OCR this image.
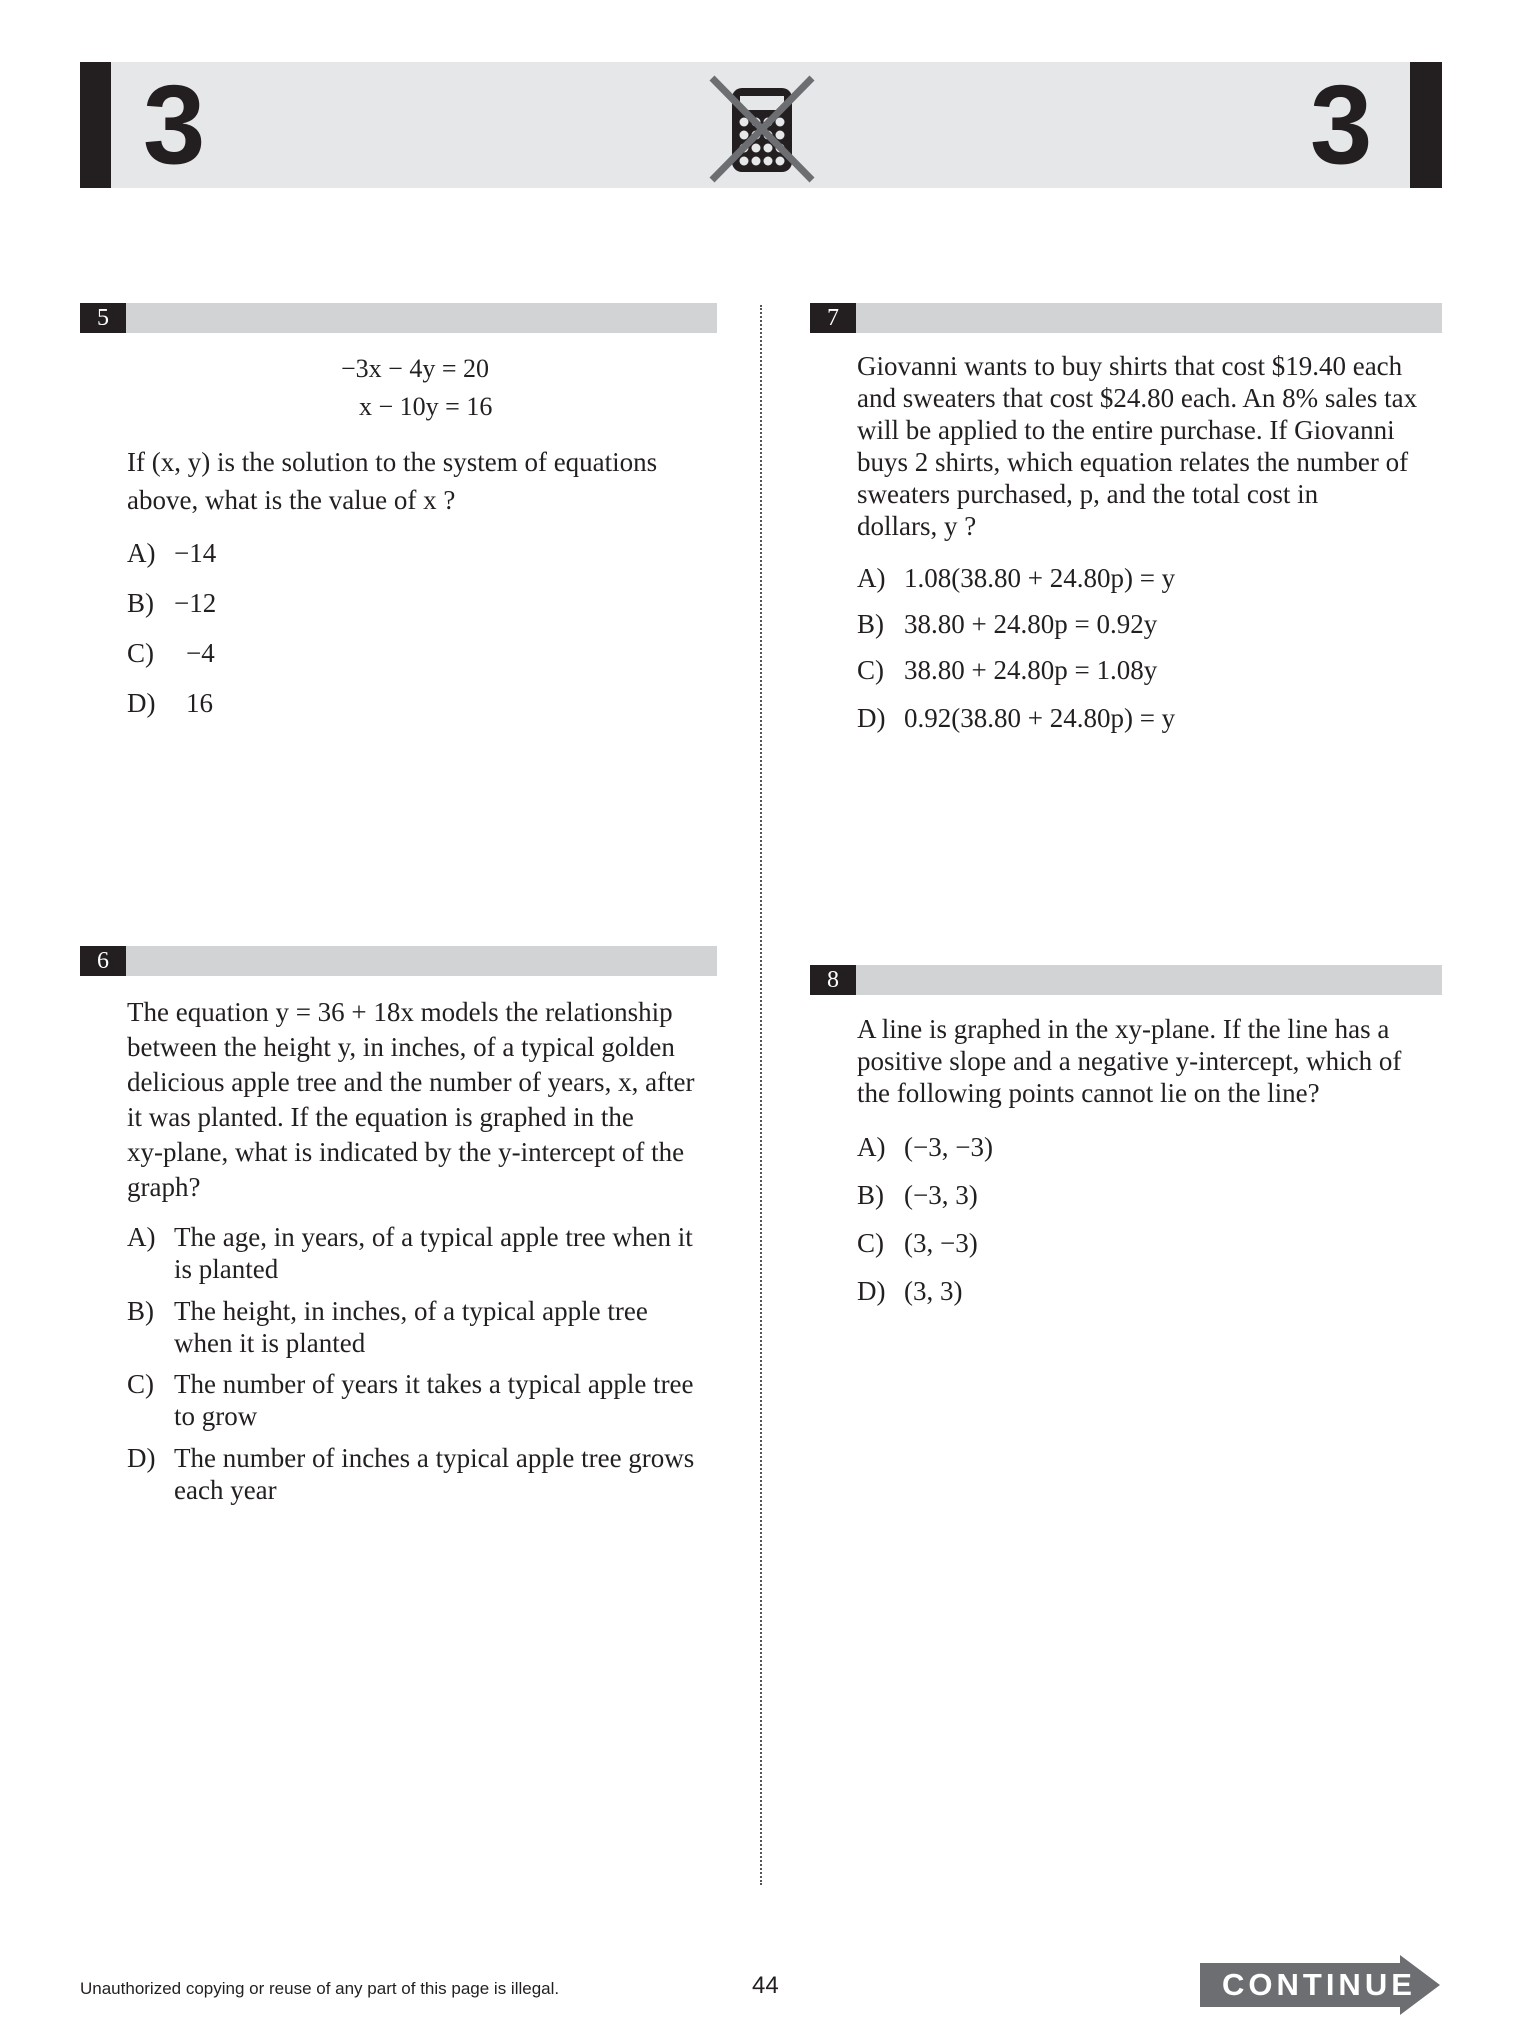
3	3
5
−3x − 4y = 20
x − 10y = 16
If (x, y) is the solution to the system of equations
above, what is the value of x ?
A) −14
B) −12
C)	−4
D)	16
6
The equation y = 36 + 18x models the relationship
between the height y, in inches, of a typical golden
delicious apple tree and the number of years, x, after
it was planted. If the equation is graphed in the
xy-plane, what is indicated by the y-intercept of the
graph?
A) The age, in years, of a typical apple tree when it
is planted
B) The height, in inches, of a typical apple tree
when it is planted
C) The number of years it takes a typical apple tree
to grow
D) The number of inches a typical apple tree grows
each year
7
Giovanni wants to buy shirts that cost $19.40 each
and sweaters that cost $24.80 each. An 8% sales tax
will be applied to the entire purchase. If Giovanni
buys 2 shirts, which equation relates the number of
sweaters purchased, p, and the total cost in
dollars, y ?
A) 1.08(38.80 + 24.80p) = y
B) 38.80 + 24.80p = 0.92y
C) 38.80 + 24.80p = 1.08y
D) 0.92(38.80 + 24.80p) = y
8
A line is graphed in the xy-plane. If the line has a
positive slope and a negative y-intercept, which of
the following points cannot lie on the line?
A) (−3, −3)
B) (−3, 3)
C) (3, −3)
D) (3, 3)
Unauthorized copying or reuse of any part of this page is illegal.	44	CONTINUE
